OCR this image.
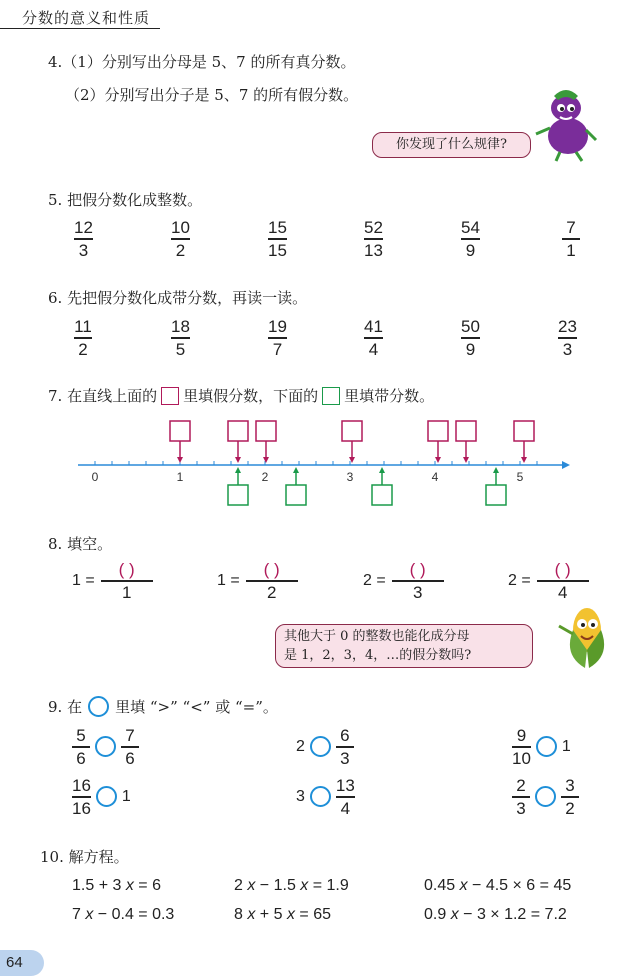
分数的意义和性质
4.（1）分别写出分母是 5、7 的所有真分数。
（2）分别写出分子是 5、7 的所有假分数。
你发现了什么规律?
5. 把假分数化成整数。
12
3
10
2
15
15
52
13
54
9
7
1
6. 先把假分数化成带分数，再读一读。
11
2
18
5
19
7
41
4
50
9
23
3
7. 在直线上面的 里填假分数，下面的 里填带分数。
0	1	2	3	4	5
8. 填空。
$1 = \frac{( )}{1}$	$1 = \frac{( )}{2}$	$2 = \frac{( )}{3}$	$2 = \frac{( )}{4}$
其他大于 0 的整数也能化成分母
是 1，2，3，4，…的假分数吗?
9. 在 里填 “>” “<” 或 “=”。
$\frac{5}{6} \frac{7}{6}$	$2 \frac{6}{3}$	$\frac{9}{10} 1$
$\frac{16}{16} 1$	$3 \frac{13}{4}$	$\frac{2}{3} \frac{3}{2}$
10. 解方程。
1.5 + 3 x = 6	2 x − 1.5 x = 1.9	0.45 x − 4.5 × 6 = 45
7 x − 0.4 = 0.3	8 x + 5 x = 65	0.9 x − 3 × 1.2 = 7.2
64
